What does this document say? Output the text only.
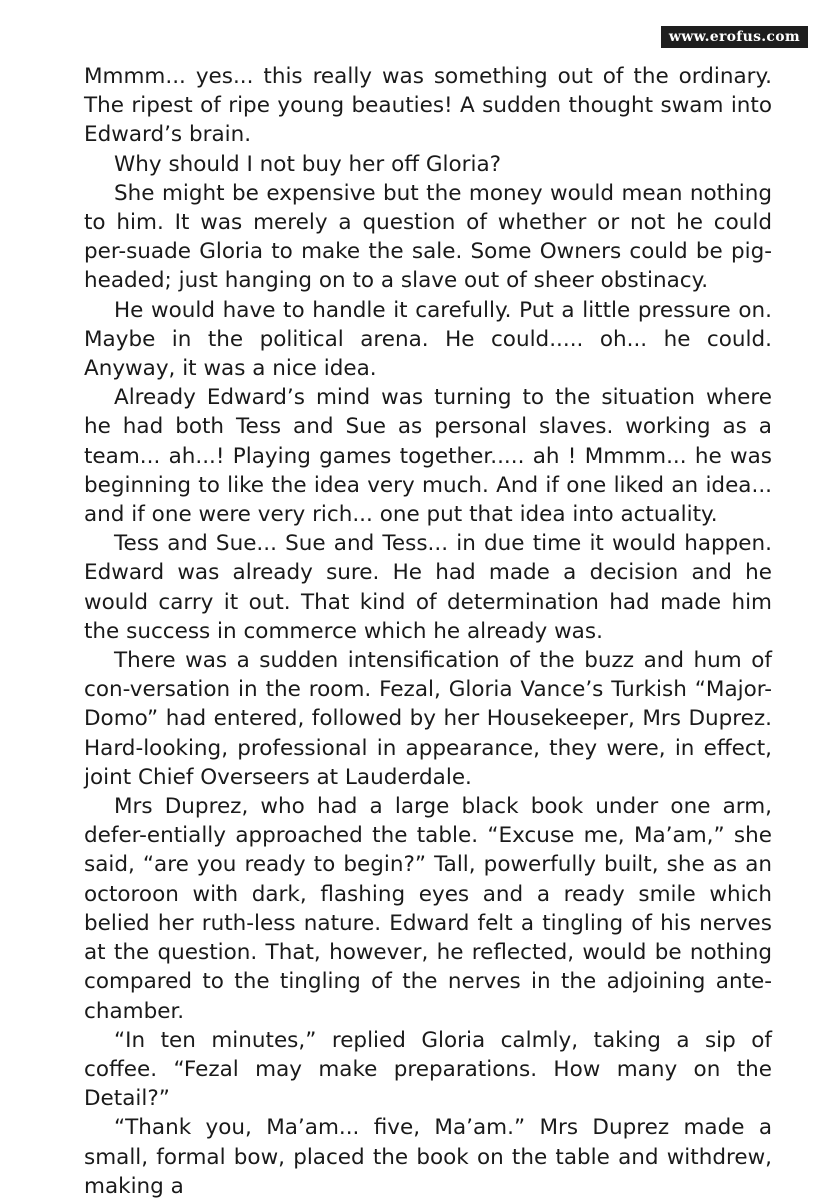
www.erofus.com

Mmmm... yes... this really was something out of the ordinary. The ripest of ripe young beauties! A sudden thought swam into Edward’s brain.

Why should I not buy her off Gloria?

She might be expensive but the money would mean nothing to him. It was merely a question of whether or not he could per-suade Gloria to make the sale. Some Owners could be pig-headed; just hanging on to a slave out of sheer obstinacy.

He would have to handle it carefully. Put a little pressure on. Maybe in the political arena. He could..... oh... he could. Anyway, it was a nice idea.

Already Edward’s mind was turning to the situation where he had both Tess and Sue as personal slaves. working as a team... ah...! Playing games together..... ah ! Mmmm... he was beginning to like the idea very much. And if one liked an idea... and if one were very rich... one put that idea into actuality.

Tess and Sue... Sue and Tess... in due time it would happen. Edward was already sure. He had made a decision and he would carry it out. That kind of determination had made him the success in commerce which he already was.

There was a sudden intensification of the buzz and hum of con-versation in the room. Fezal, Gloria Vance’s Turkish “Major-Domo” had entered, followed by her Housekeeper, Mrs Duprez. Hard-looking, professional in appearance, they were, in effect, joint Chief Overseers at Lauderdale.

Mrs Duprez, who had a large black book under one arm, defer-entially approached the table. “Excuse me, Ma’am,” she said, “are you ready to begin?” Tall, powerfully built, she as an octoroon with dark, flashing eyes and a ready smile which belied her ruth-less nature. Edward felt a tingling of his nerves at the question. That, however, he reflected, would be nothing compared to the tingling of the nerves in the adjoining ante-chamber.

“In ten minutes,” replied Gloria calmly, taking a sip of coffee. “Fezal may make preparations. How many on the Detail?”

“Thank you, Ma’am... five, Ma’am.” Mrs Duprez made a small, formal bow, placed the book on the table and withdrew, making a
